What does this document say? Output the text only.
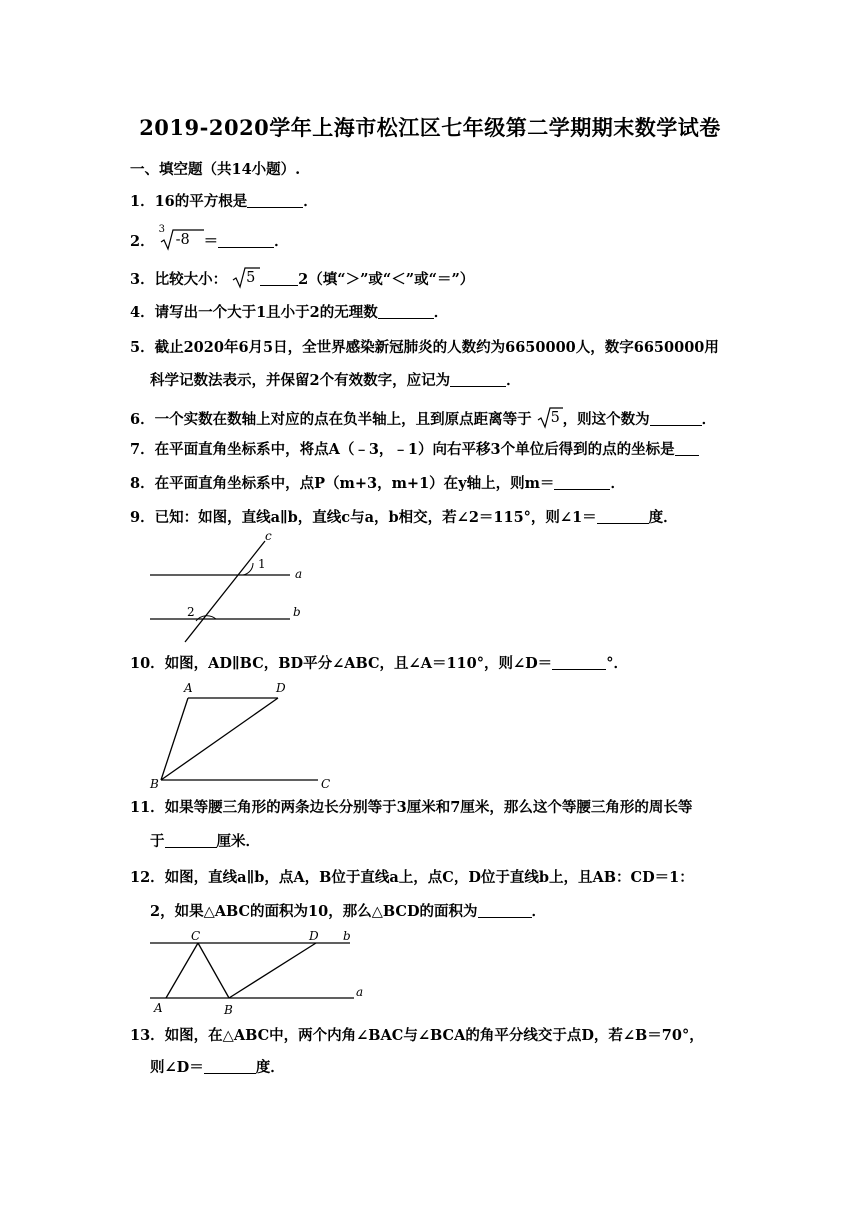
2019-2020学年上海市松江区七年级第二学期期末数学试卷
一、填空题（共14小题）.
1．16的平方根是	．
2．
3
-8 ＝	．
3．比较大小： 5	2（填“＞”或“＜”或“＝”）
4．请写出一个大于1且小于2的无理数	．
5．截止2020年6月5日，全世界感染新冠肺炎的人数约为6650000人，数字6650000用
科学记数法表示，并保留2个有效数字，应记为	．
6．一个实数在数轴上对应的点在负半轴上，且到原点距离等于 5 ，则这个数为	．
7．在平面直角坐标系中，将点A（﹣3，﹣1）向右平移3个单位后得到的点的坐标是
8．在平面直角坐标系中，点P（m+3，m+1）在y轴上，则m＝	．
9．已知：如图，直线a∥b，直线c与a，b相交，若∠2＝115°，则∠1＝	度．
c
a
b
1
2
10．如图，AD∥BC，BD平分∠ABC，且∠A＝110°，则∠D＝	°．
A	D
B	C
11．如果等腰三角形的两条边长分别等于3厘米和7厘米，那么这个等腰三角形的周长等
于	厘米．
12．如图，直线a∥b，点A，B位于直线a上，点C，D位于直线b上，且AB：CD＝1：
2，如果△ABC的面积为10，那么△BCD的面积为	．
C	D b
A	B
a
13．如图，在△ABC中，两个内角∠BAC与∠BCA的角平分线交于点D，若∠B＝70°，
则∠D＝	度．
